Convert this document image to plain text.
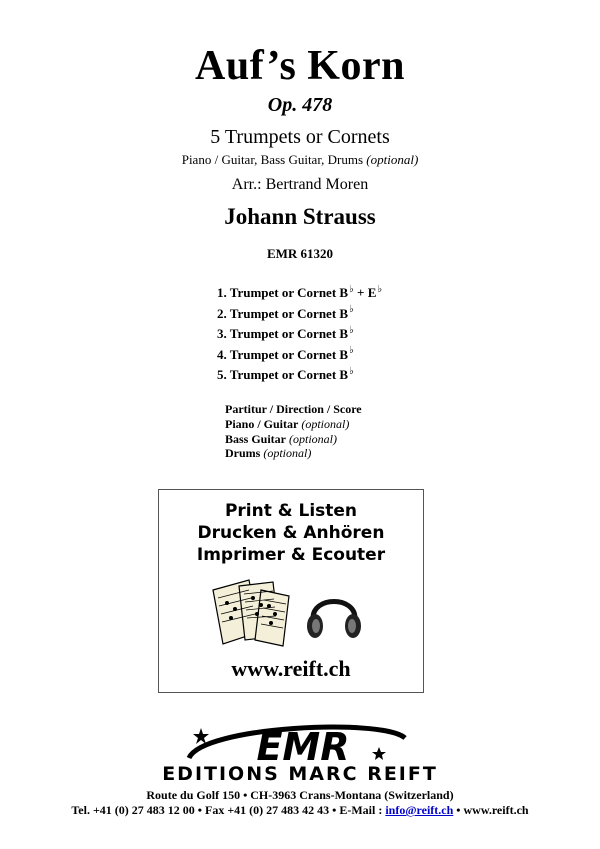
Auf’s Korn
Op. 478
5 Trumpets or Cornets
Piano / Guitar, Bass Guitar, Drums (optional)
Arr.: Bertrand Moren
Johann Strauss
EMR 61320
1. Trumpet or Cornet B♭ + E♭
2. Trumpet or Cornet B♭
3. Trumpet or Cornet B♭
4. Trumpet or Cornet B♭
5. Trumpet or Cornet B♭
Partitur / Direction / Score
Piano / Guitar (optional)
Bass Guitar (optional)
Drums (optional)
Print & Listen
Drucken & Anhören
Imprimer & Ecouter
www.reift.ch
EMR
EDITIONS MARC REIFT
Route du Golf 150 • CH-3963 Crans-Montana (Switzerland)
Tel. +41 (0) 27 483 12 00 • Fax +41 (0) 27 483 42 43 • E-Mail : info@reift.ch • www.reift.ch
